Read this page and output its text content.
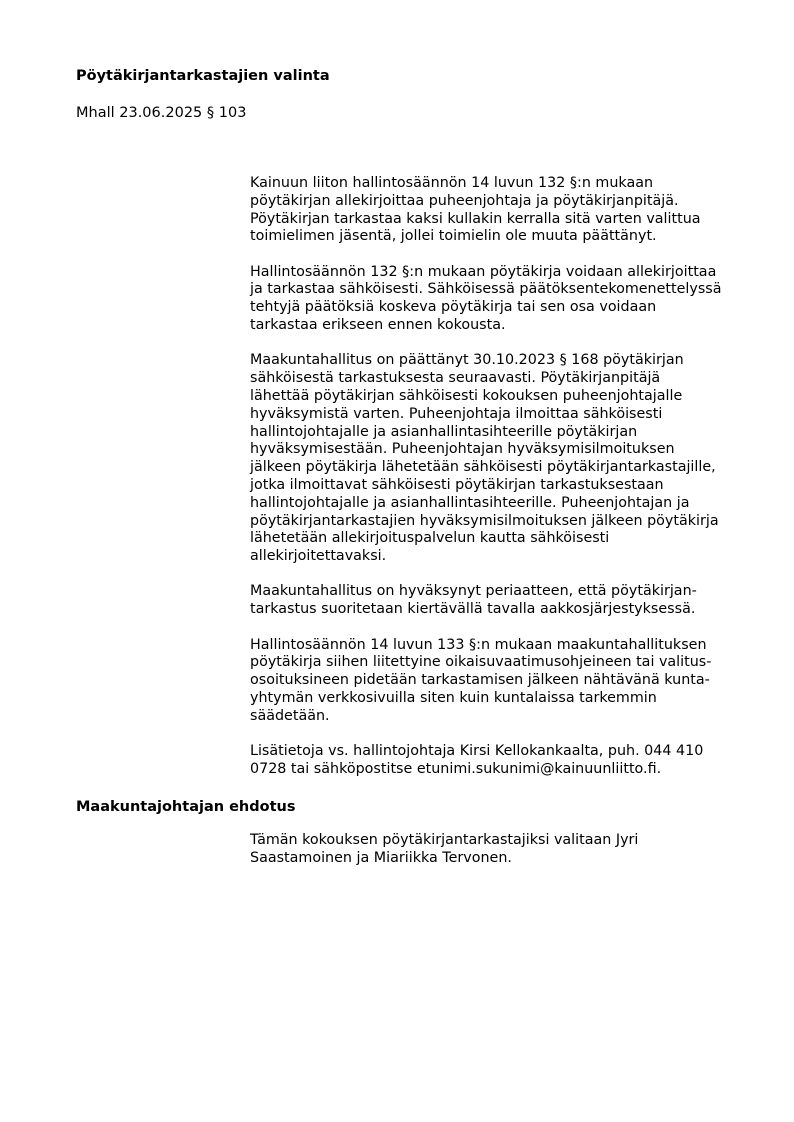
Pöytäkirjantarkastajien valinta

Mhall 23.06.2025 § 103

Kainuun liiton hallintosäännön 14 luvun 132 §:n mukaan
pöytäkirjan allekirjoittaa puheenjohtaja ja pöytäkirjanpitäjä.
Pöytäkirjan tarkastaa kaksi kullakin kerralla sitä varten valittua
toimielimen jäsentä, jollei toimielin ole muuta päättänyt.

Hallintosäännön 132 §:n mukaan pöytäkirja voidaan allekirjoittaa
ja tarkastaa sähköisesti. Sähköisessä päätöksentekomenettelyssä
tehtyjä päätöksiä koskeva pöytäkirja tai sen osa voidaan
tarkastaa erikseen ennen kokousta.

Maakuntahallitus on päättänyt 30.10.2023 § 168 pöytäkirjan
sähköisestä tarkastuksesta seuraavasti. Pöytäkirjanpitäjä
lähettää pöytäkirjan sähköisesti kokouksen puheenjohtajalle
hyväksymistä varten. Puheenjohtaja ilmoittaa sähköisesti
hallintojohtajalle ja asianhallintasihteerille pöytäkirjan
hyväksymisestään. Puheenjohtajan hyväksymisilmoituksen
jälkeen pöytäkirja lähetetään sähköisesti pöytäkirjantarkastajille,
jotka ilmoittavat sähköisesti pöytäkirjan tarkastuksestaan
hallintojohtajalle ja asianhallintasihteerille. Puheenjohtajan ja
pöytäkirjantarkastajien hyväksymisilmoituksen jälkeen pöytäkirja
lähetetään allekirjoituspalvelun kautta sähköisesti
allekirjoitettavaksi.

Maakuntahallitus on hyväksynyt periaatteen, että pöytäkirjan-
tarkastus suoritetaan kiertävällä tavalla aakkosjärjestyksessä.

Hallintosäännön 14 luvun 133 §:n mukaan maakuntahallituksen
pöytäkirja siihen liitettyine oikaisuvaatimusohjeineen tai valitus-
osoituksineen pidetään tarkastamisen jälkeen nähtävänä kunta-
yhtymän verkkosivuilla siten kuin kuntalaissa tarkemmin
säädetään.

Lisätietoja vs. hallintojohtaja Kirsi Kellokankaalta, puh. 044 410
0728 tai sähköpostitse etunimi.sukunimi@kainuunliitto.fi.

Maakuntajohtajan ehdotus

Tämän kokouksen pöytäkirjantarkastajiksi valitaan Jyri
Saastamoinen ja Miariikka Tervonen.
